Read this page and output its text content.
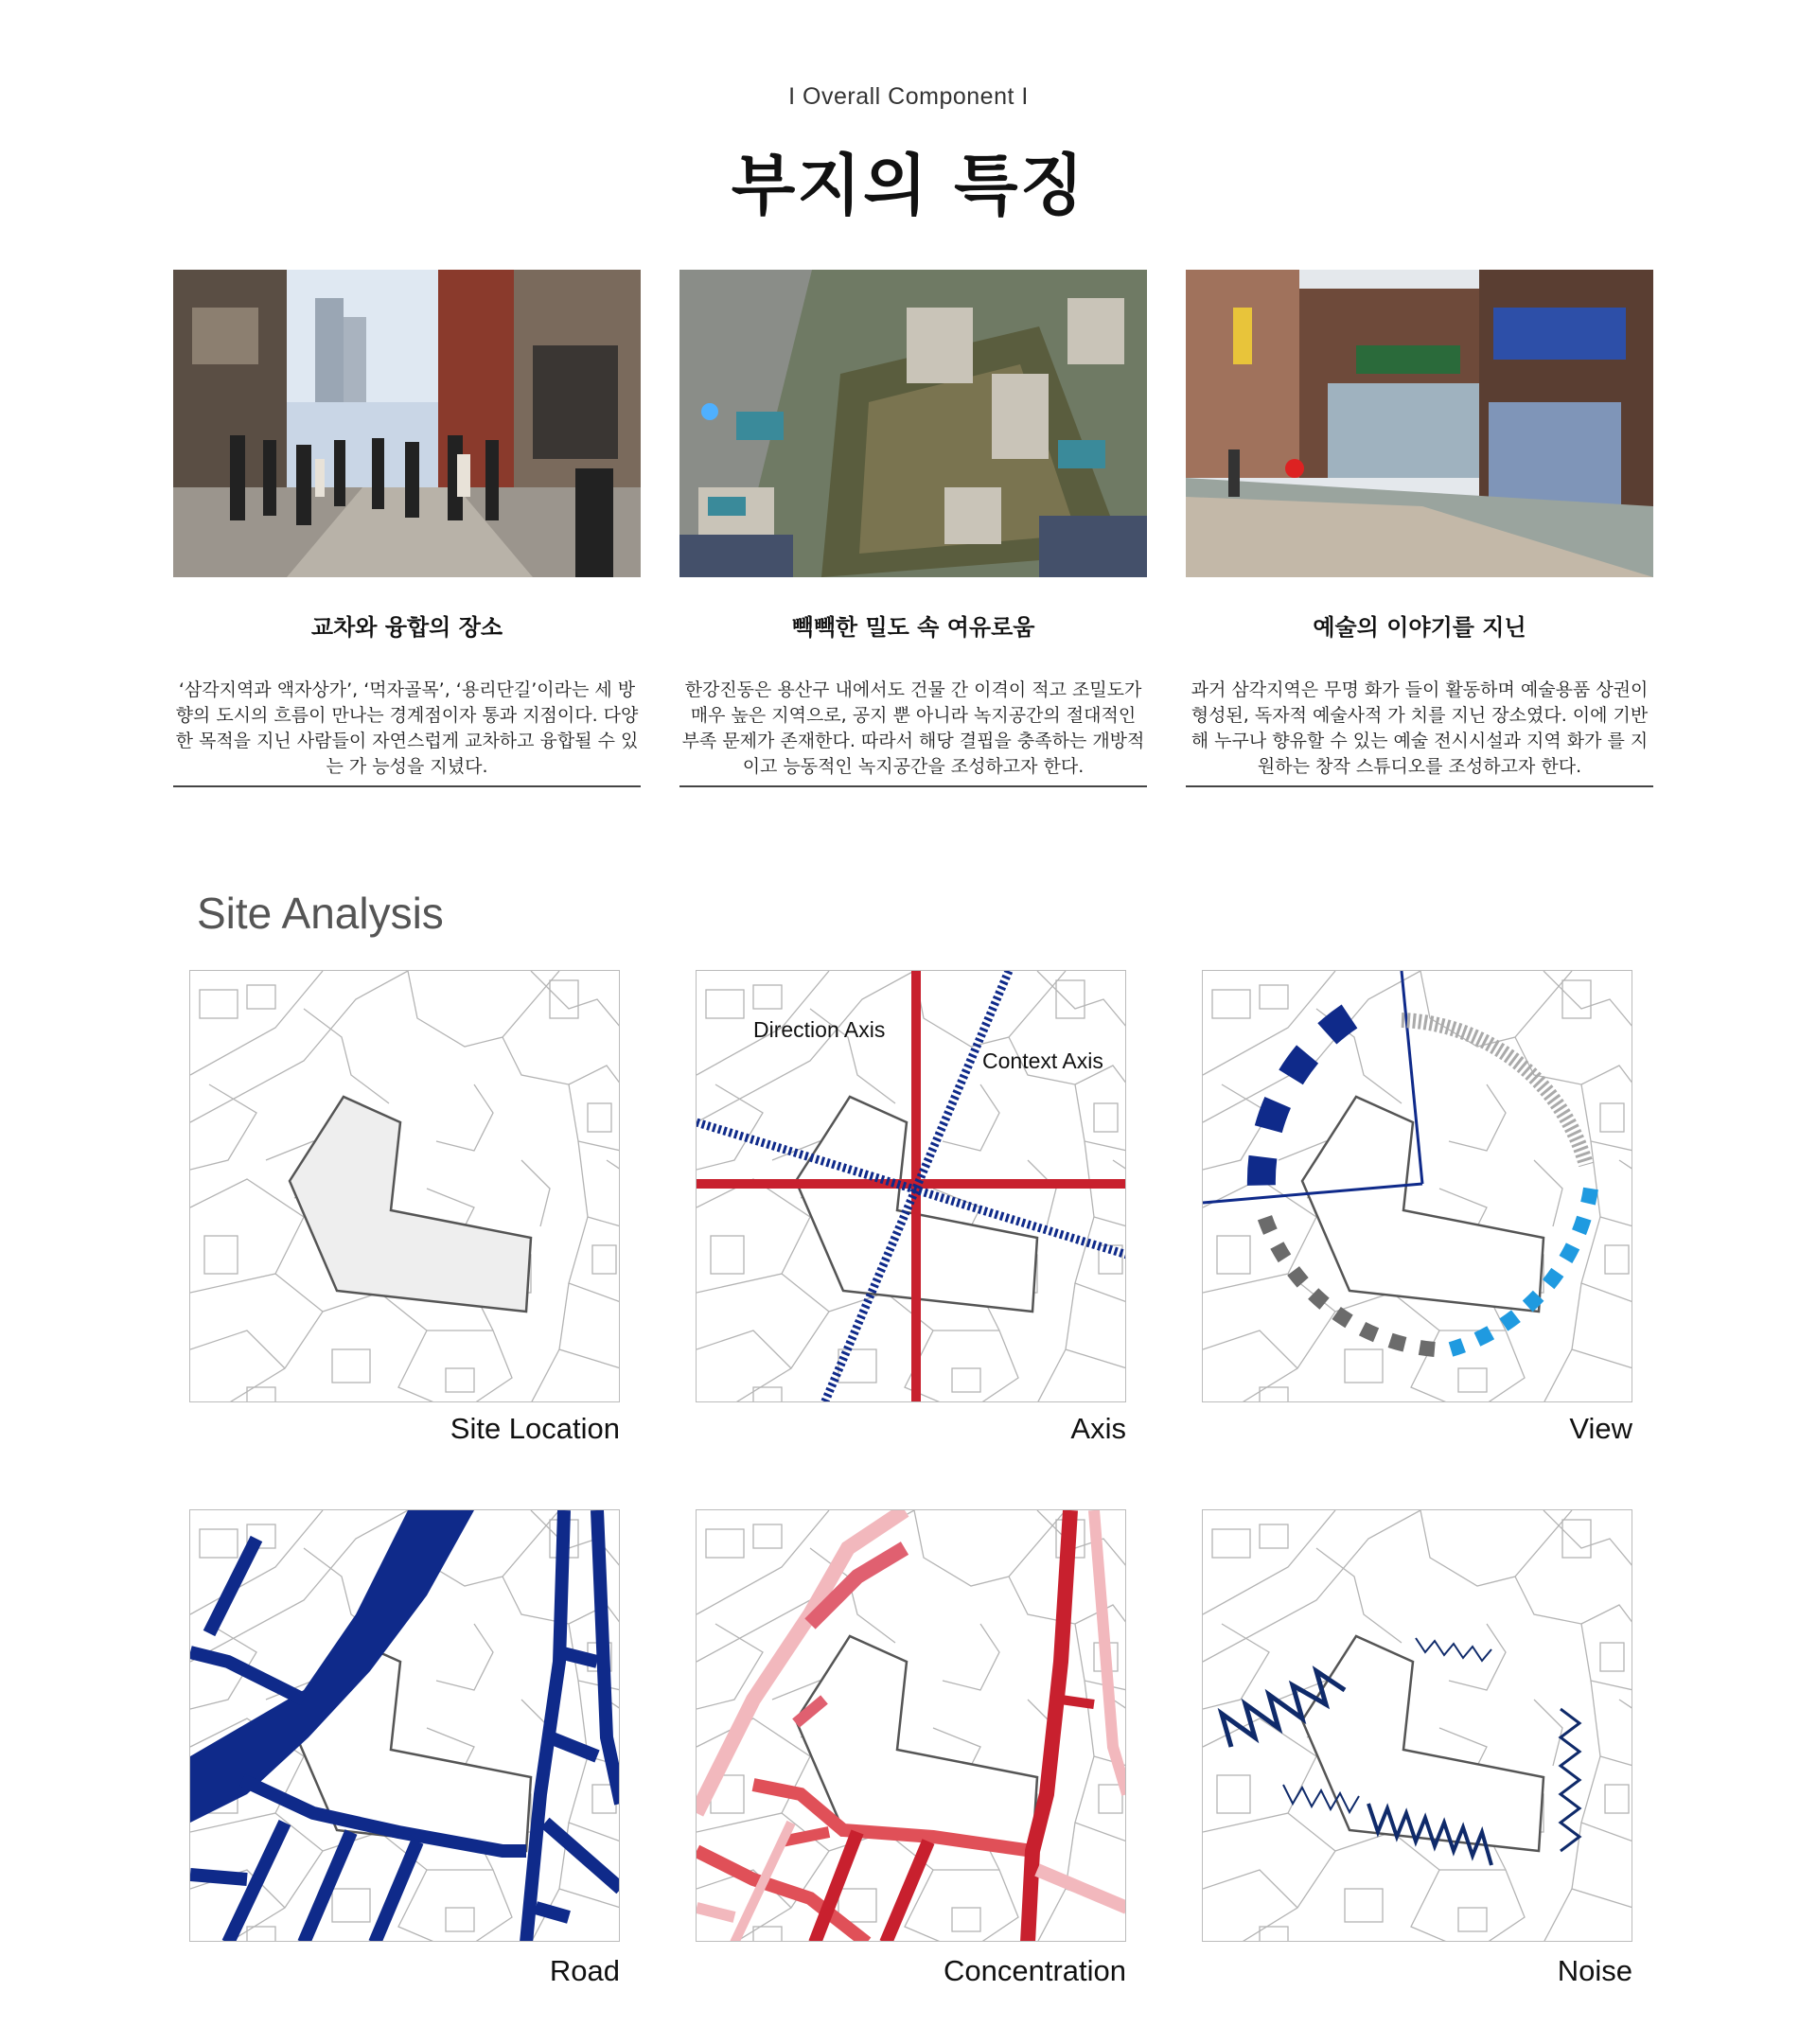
I Overall Component I
부지의 특징
교차와 융합의 장소
‘삼각지역과 액자상가’, ‘먹자골목’, ‘용리단길’이라는 세 방향의 도시의 흐름이 만나는 경계점이자 통과 지점이다. 다양한 목적을 지닌 사람들이 자연스럽게 교차하고 융합될 수 있는 가 능성을 지녔다.
빽빽한 밀도 속 여유로움
한강진동은 용산구 내에서도 건물 간 이격이 적고 조밀도가 매우 높은 지역으로, 공지 뿐 아니라 녹지공간의 절대적인 부족 문제가 존재한다. 따라서 해당 결핍을 충족하는 개방적이고 능동적인 녹지공간을 조성하고자 한다.
예술의 이야기를 지닌
과거 삼각지역은 무명 화가 들이 활동하며 예술용품 상권이 형성된, 독자적 예술사적 가 치를 지닌 장소였다. 이에 기반해 누구나 향유할 수 있는 예술 전시시설과 지역 화가 를 지원하는 창작 스튜디오를 조성하고자 한다.
Site Analysis
Site Location
Direction Axis
Context Axis
Axis	View
Road	Concentration	Noise
